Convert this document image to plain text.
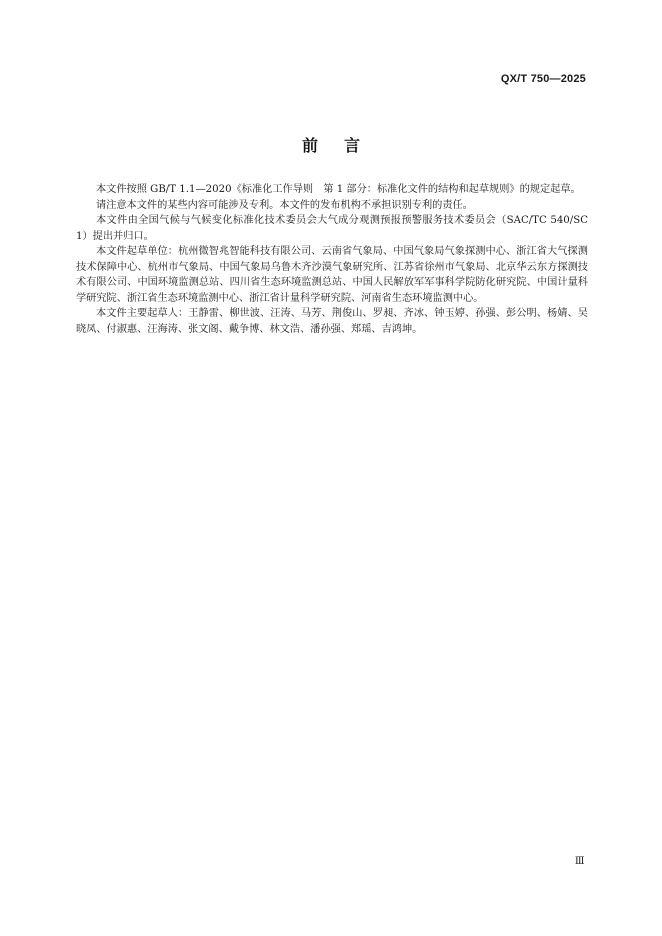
QX/T 750—2025
前言

本文件按照 GB/T 1.1—2020《标准化工作导则　第 1 部分：标准化文件的结构和起草规则》的规定起草。

请注意本文件的某些内容可能涉及专利。本文件的发布机构不承担识别专利的责任。

本文件由全国气候与气候变化标准化技术委员会大气成分观测预报预警服务技术委员会（SAC/TC 540/SC 1）提出并归口。

本文件起草单位：杭州微智兆智能科技有限公司、云南省气象局、中国气象局气象探测中心、浙江省大气探测技术保障中心、杭州市气象局、中国气象局乌鲁木齐沙漠气象研究所、江苏省徐州市气象局、北京华云东方探测技术有限公司、中国环境监测总站、四川省生态环境监测总站、中国人民解放军军事科学院防化研究院、中国计量科学研究院、浙江省生态环境监测中心、浙江省计量科学研究院、河南省生态环境监测中心。

本文件主要起草人：王静雷、柳世波、汪涛、马芳、荆俊山、罗昶、齐冰、钟玉婷、孙强、彭公明、杨婧、吴晓凤、付淑惠、汪海涛、张文阁、戴争博、林文浩、潘孙强、郑瑶、吉鸿坤。

Ⅲ
